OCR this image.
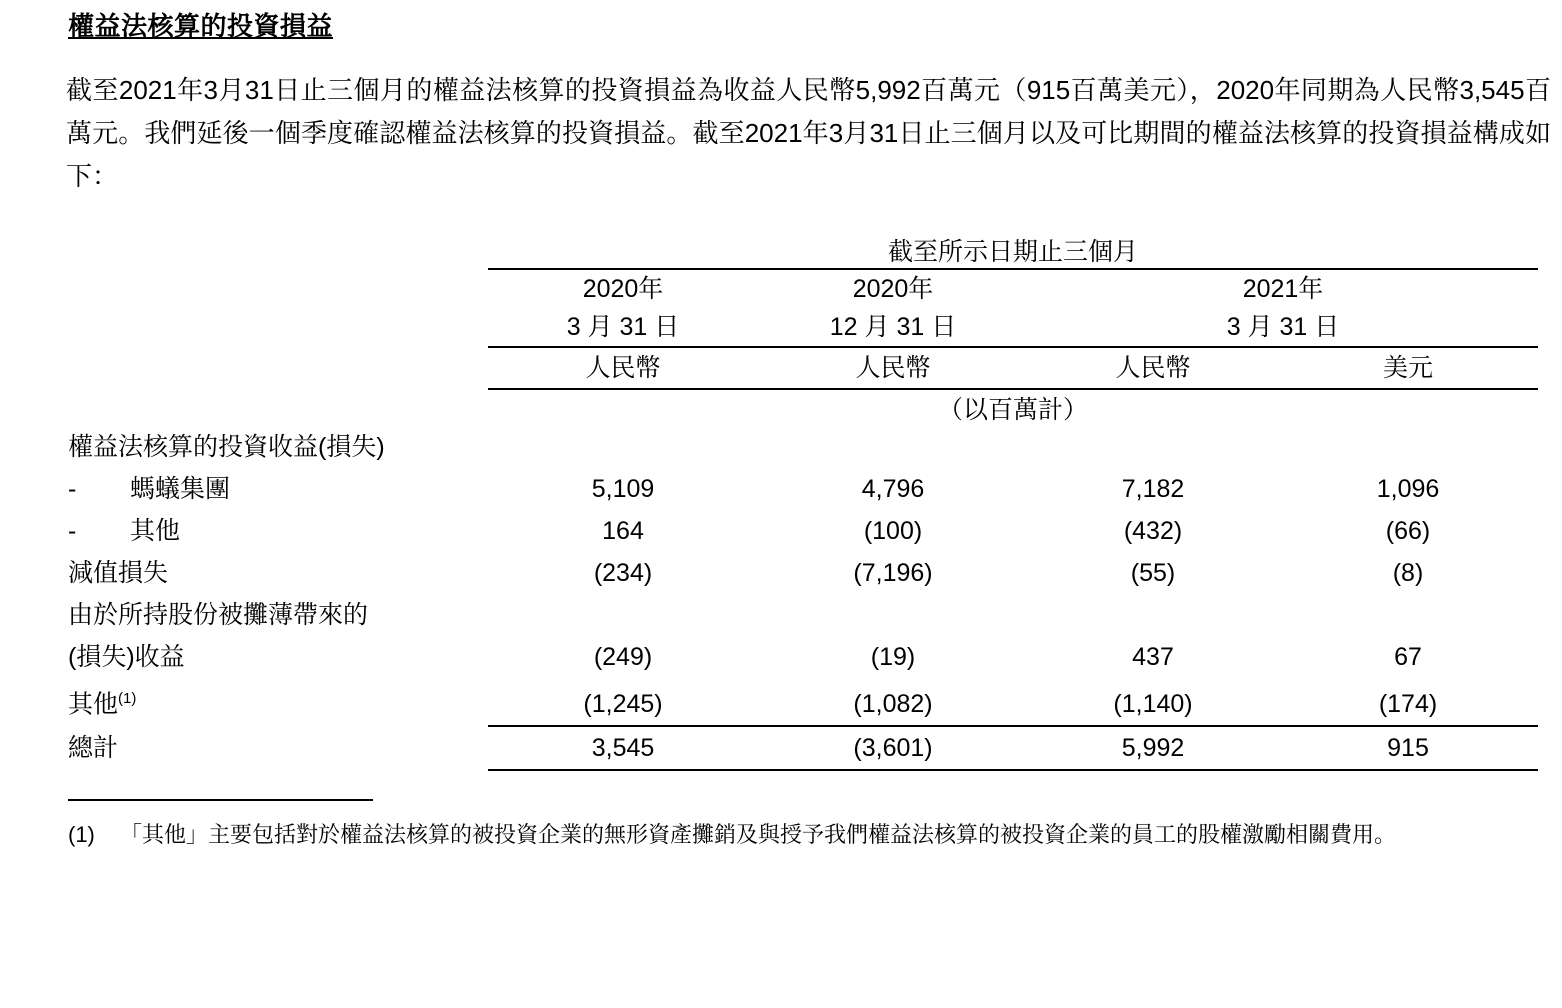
權益法核算的投資損益
截至2021年3月31日止三個月的權益法核算的投資損益為收益人民幣5,992百萬元（915百萬美元），2020年同期為人民幣3,545百萬元。我們延後一個季度確認權益法核算的投資損益。截至2021年3月31日止三個月以及可比期間的權益法核算的投資損益構成如下：
	截至所示日期止三個月			

	2020年	2020年	2021年	
	3 月 31 日	12 月 31 日	3 月 31 日	

	人民幣	人民幣	人民幣	美元

	（以百萬計）			
權益法核算的投資收益(損失)				
- 螞蟻集團	5,109	4,796	7,182	1,096
- 其他	164	(100)	(432)	(66)
減值損失	(234)	(7,196)	(55)	(8)
由於所持股份被攤薄帶來的				
(損失)收益	(249)	(19)	437	67
其他$^{(1)}$	(1,245)	(1,082)	(1,140)	(174)

總計	3,545	(3,601)	5,992	915

(1)	「其他」主要包括對於權益法核算的被投資企業的無形資產攤銷及與授予我們權益法核算的被投資企業的員工的股權激勵相關費用。
